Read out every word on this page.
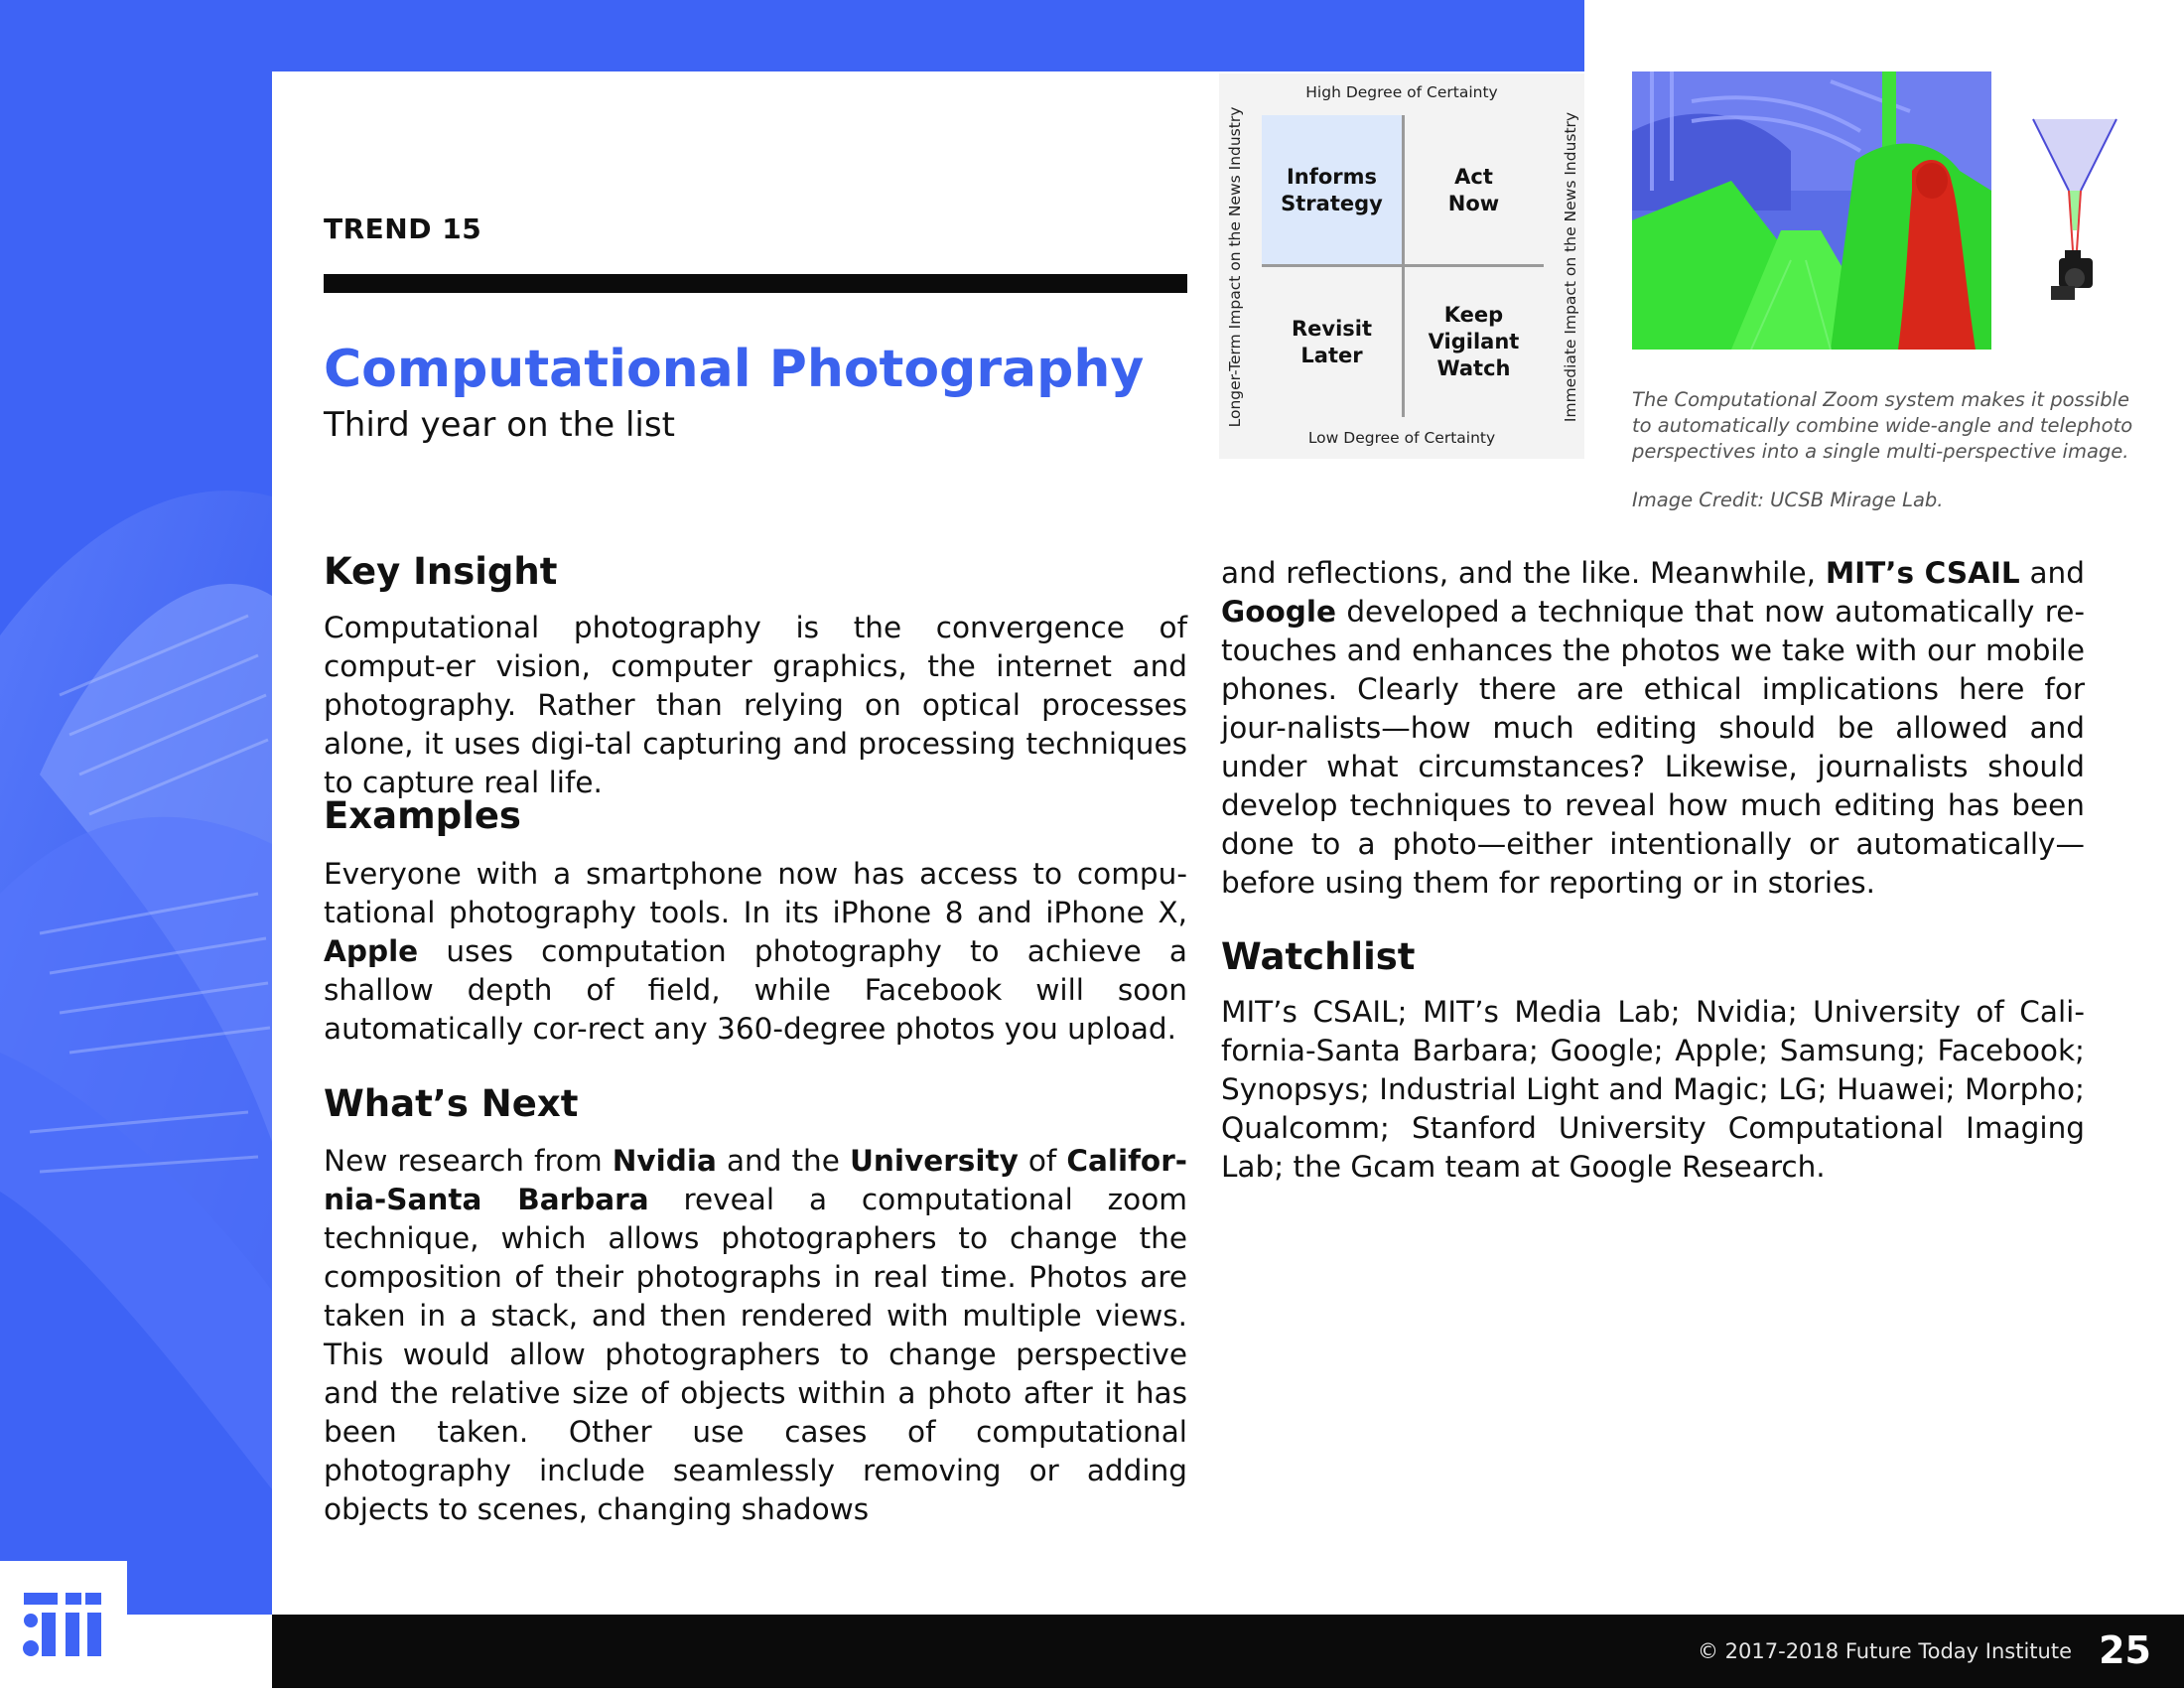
TREND 15
Computational Photography
Third year on the list
High Degree of Certainty
Low Degree of Certainty
Longer-Term Impact on the News Industry	Immediate Impact on the News Industry
Informs
Strategy
Act
Now
Revisit
Later
Keep
Vigilant
Watch
The Computational Zoom system makes it possible to automatically combine wide-angle and telephoto perspectives into a single multi-perspective image.
Image Credit: UCSB Mirage Lab.
Key Insight
Computational photography is the convergence of comput-er vision, computer graphics, the internet and photography. Rather than relying on optical processes alone, it uses digi-tal capturing and processing techniques to capture real life.
Examples
Everyone with a smartphone now has access to compu-tational photography tools. In its iPhone 8 and iPhone X, Apple uses computation photography to achieve a shallow depth of field, while Facebook will soon automatically cor-rect any 360-degree photos you upload.
What’s Next
New research from Nvidia and the University of Califor-nia-Santa Barbara reveal a computational zoom technique, which allows photographers to change the composition of their photographs in real time. Photos are taken in a stack, and then rendered with multiple views. This would allow photographers to change perspective and the relative size of objects within a photo after it has been taken. Other use cases of computational photography include seamlessly removing or adding objects to scenes, changing shadows
and reflections, and the like. Meanwhile, MIT’s CSAIL and Google developed a technique that now automatically re-touches and enhances the photos we take with our mobile phones. Clearly there are ethical implications here for jour-nalists—how much editing should be allowed and under what circumstances? Likewise, journalists should develop techniques to reveal how much editing has been done to a photo—either intentionally or automatically—before using them for reporting or in stories.
Watchlist
MIT’s CSAIL; MIT’s Media Lab; Nvidia; University of Cali-fornia-Santa Barbara; Google; Apple; Samsung; Facebook; Synopsys; Industrial Light and Magic; LG; Huawei; Morpho; Qualcomm; Stanford University Computational Imaging Lab; the Gcam team at Google Research.
© 2017-2018 Future Today Institute 25
